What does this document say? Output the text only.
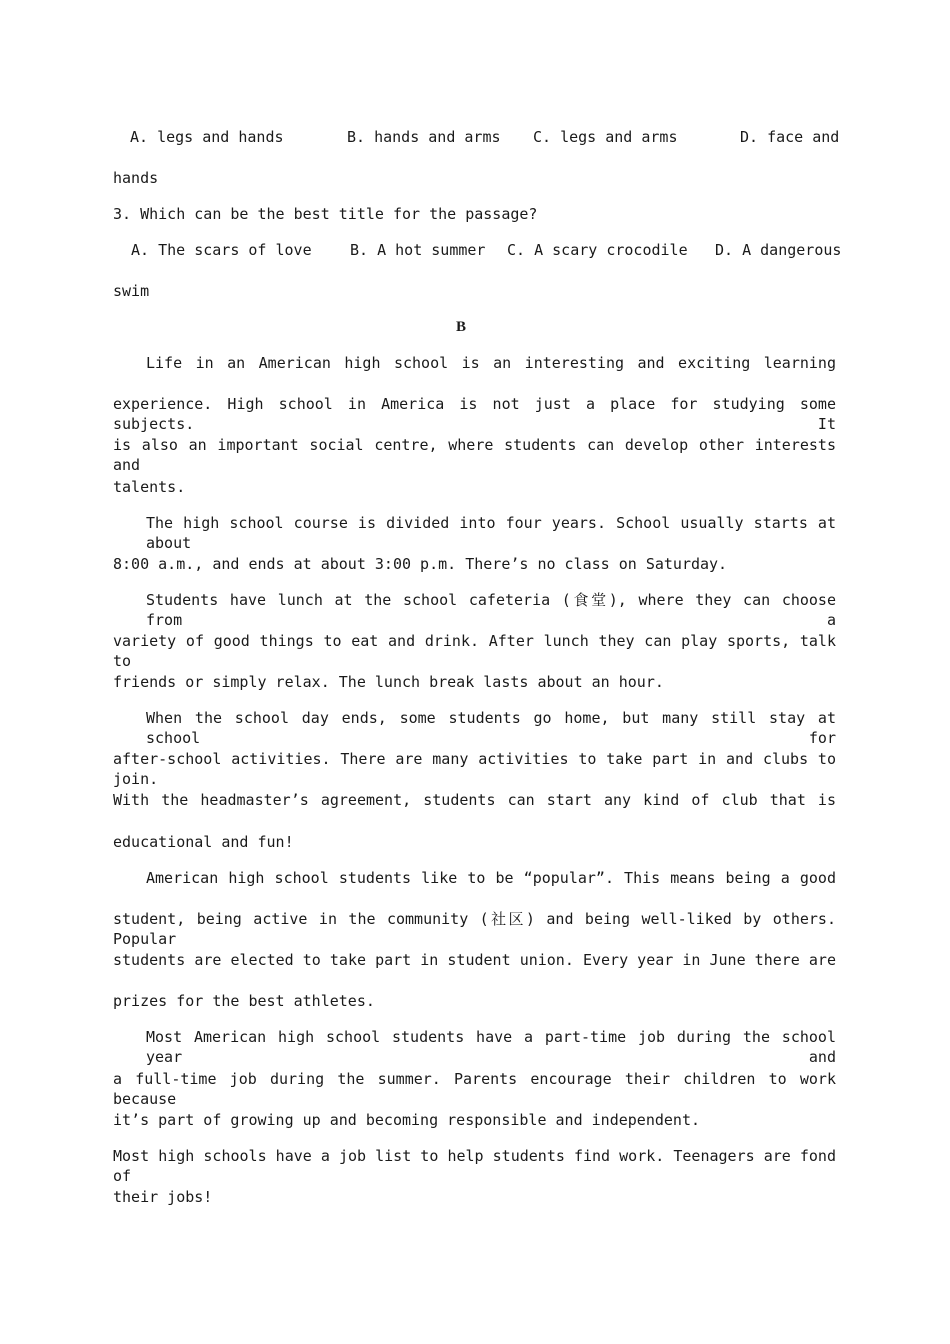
A. legs and hands	B. hands and arms C. legs and arms	D. face and
hands
3. Which can be the best title for the passage?
A. The scars of love	B. A hot summer C. A scary crocodile D. A dangerous
swim
B
Life in an American high school is an interesting and exciting learning
experience. High school in America is not just a place for studying some subjects. It
is also an important social centre, where students can develop other interests and
talents.
The high school course is divided into four years. School usually starts at about
8:00 a.m., and ends at about 3:00 p.m. There’s no class on Saturday.
Students have lunch at the school cafeteria (食堂), where they can choose from a
variety of good things to eat and drink. After lunch they can play sports, talk to
friends or simply relax. The lunch break lasts about an hour.
When the school day ends, some students go home, but many still stay at school for
after-school activities. There are many activities to take part in and clubs to join.
With the headmaster’s agreement, students can start any kind of club that is
educational and fun!
American high school students like to be “popular”. This means being a good
student, being active in the community (社区) and being well-liked by others. Popular
students are elected to take part in student union. Every year in June there are
prizes for the best athletes.
Most American high school students have a part-time job during the school year and
a full-time job during the summer. Parents encourage their children to work because
it’s part of growing up and becoming responsible and independent.
Most high schools have a job list to help students find work. Teenagers are fond of
their jobs!
